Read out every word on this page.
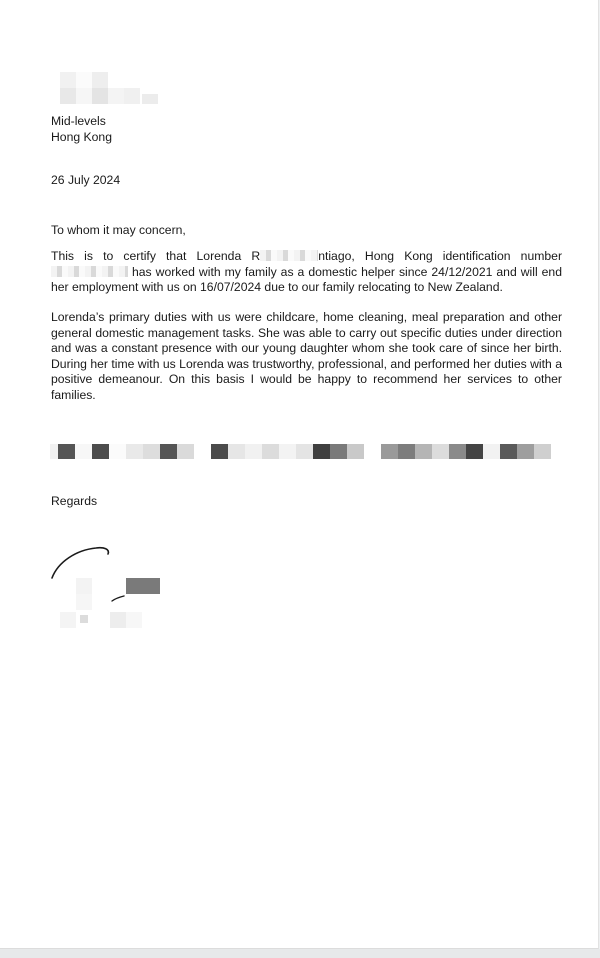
Mid-levels
Hong Kong
26 July 2024
To whom it may concern,
This is to certify that Lorenda R	ntiago, Hong Kong identification number  has worked with my family as a domestic helper since 24/12/2021 and will end her employment with us on 16/07/2024 due to our family relocating to New Zealand.
Lorenda’s primary duties with us were childcare, home cleaning, meal preparation and other general domestic management tasks. She was able to carry out specific duties under direction and was a constant presence with our young daughter whom she took care of since her birth. During her time with us Lorenda was trustworthy, professional, and performed her duties with a positive demeanour. On this basis I would be happy to recommend her services to other families.
Regards
